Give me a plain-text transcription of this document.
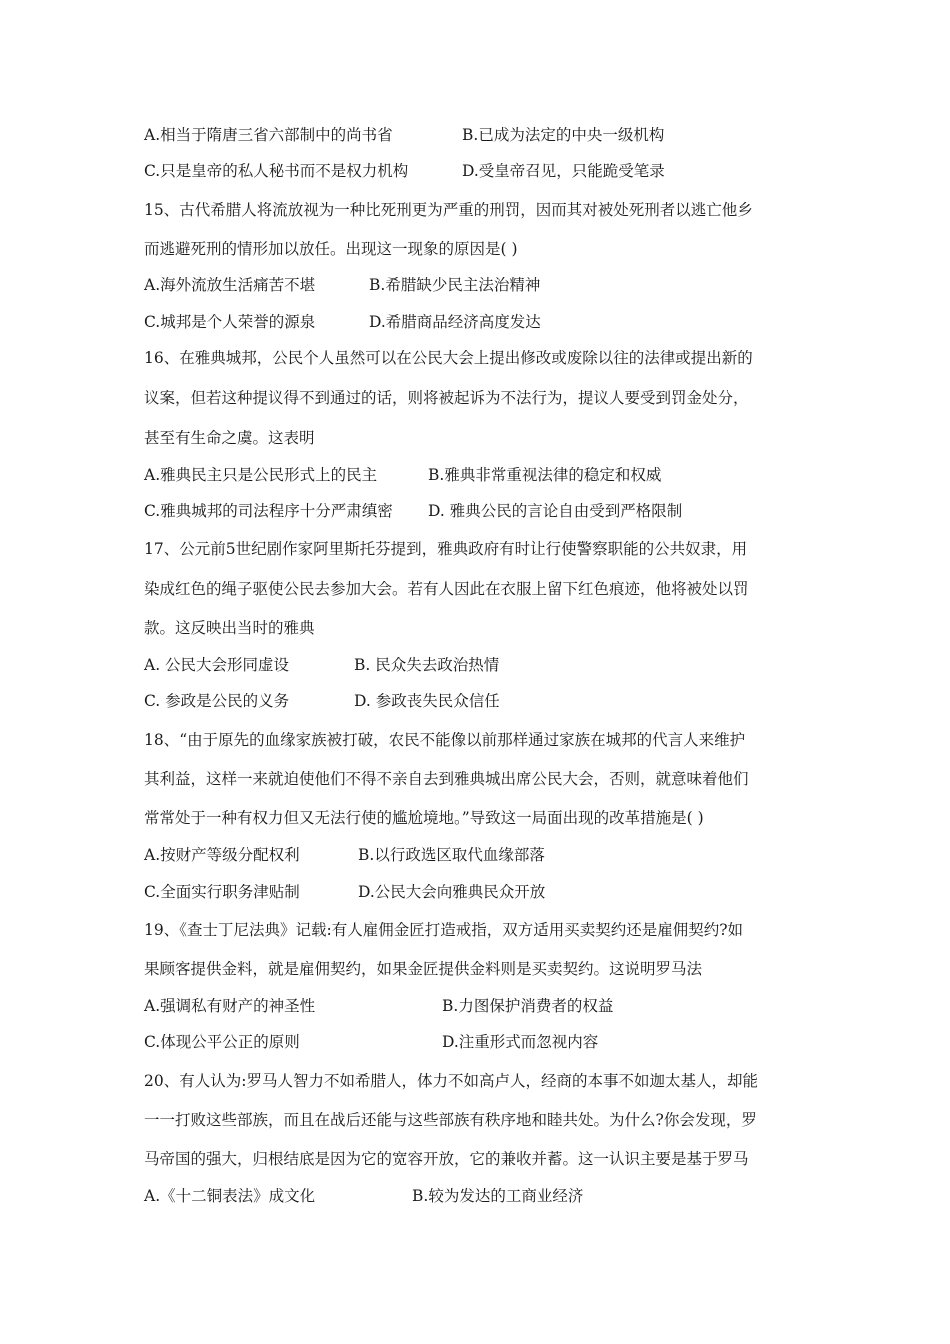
A.相当于隋唐三省六部制中的尚书省	B.已成为法定的中央一级机构
C.只是皇帝的私人秘书而不是权力机构	D.受皇帝召见，只能跪受笔录
15、古代希腊人将流放视为一种比死刑更为严重的刑罚，因而其对被处死刑者以逃亡他乡
而逃避死刑的情形加以放任。出现这一现象的原因是( )
A.海外流放生活痛苦不堪	B.希腊缺少民主法治精神
C.城邦是个人荣誉的源泉	D.希腊商品经济高度发达
16、在雅典城邦，公民个人虽然可以在公民大会上提出修改或废除以往的法律或提出新的
议案，但若这种提议得不到通过的话，则将被起诉为不法行为，提议人要受到罚金处分，
甚至有生命之虞。这表明
A.雅典民主只是公民形式上的民主	B.雅典非常重视法律的稳定和权威
C.雅典城邦的司法程序十分严肃缜密 D. 雅典公民的言论自由受到严格限制
17、公元前5世纪剧作家阿里斯托芬提到，雅典政府有时让行使警察职能的公共奴隶，用
染成红色的绳子驱使公民去参加大会。若有人因此在衣服上留下红色痕迹，他将被处以罚
款。这反映出当时的雅典
A. 公民大会形同虚设	B. 民众失去政治热情
C. 参政是公民的义务	D. 参政丧失民众信任
18、“由于原先的血缘家族被打破，农民不能像以前那样通过家族在城邦的代言人来维护
其利益，这样一来就迫使他们不得不亲自去到雅典城出席公民大会，否则，就意味着他们
常常处于一种有权力但又无法行使的尴尬境地。”导致这一局面出现的改革措施是( )
A.按财产等级分配权利	B.以行政选区取代血缘部落
C.全面实行职务津贴制	D.公民大会向雅典民众开放
19、《查士丁尼法典》记载:有人雇佣金匠打造戒指，双方适用买卖契约还是雇佣契约?如
果顾客提供金料，就是雇佣契约，如果金匠提供金料则是买卖契约。这说明罗马法
A.强调私有财产的神圣性	B.力图保护消费者的权益
C.体现公平公正的原则	D.注重形式而忽视内容
20、有人认为:罗马人智力不如希腊人，体力不如高卢人，经商的本事不如迦太基人，却能
一一打败这些部族，而且在战后还能与这些部族有秩序地和睦共处。为什么?你会发现，罗
马帝国的强大，归根结底是因为它的宽容开放，它的兼收并蓄。这一认识主要是基于罗马
A.《十二铜表法》成文化	B.较为发达的工商业经济
